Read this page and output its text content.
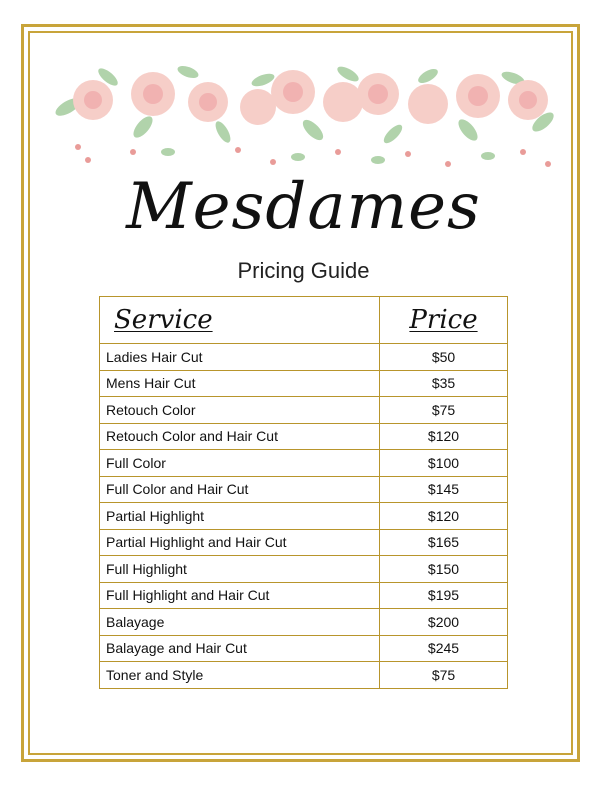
Mesdames
Pricing Guide
Service	Price
Ladies Hair Cut	$50
Mens Hair Cut	$35
Retouch Color	$75
Retouch Color and Hair Cut	$120
Full Color	$100
Full Color and Hair Cut	$145
Partial Highlight	$120
Partial Highlight and Hair Cut	$165
Full Highlight	$150
Full Highlight and Hair Cut	$195
Balayage	$200
Balayage and Hair Cut	$245
Toner and Style	$75
